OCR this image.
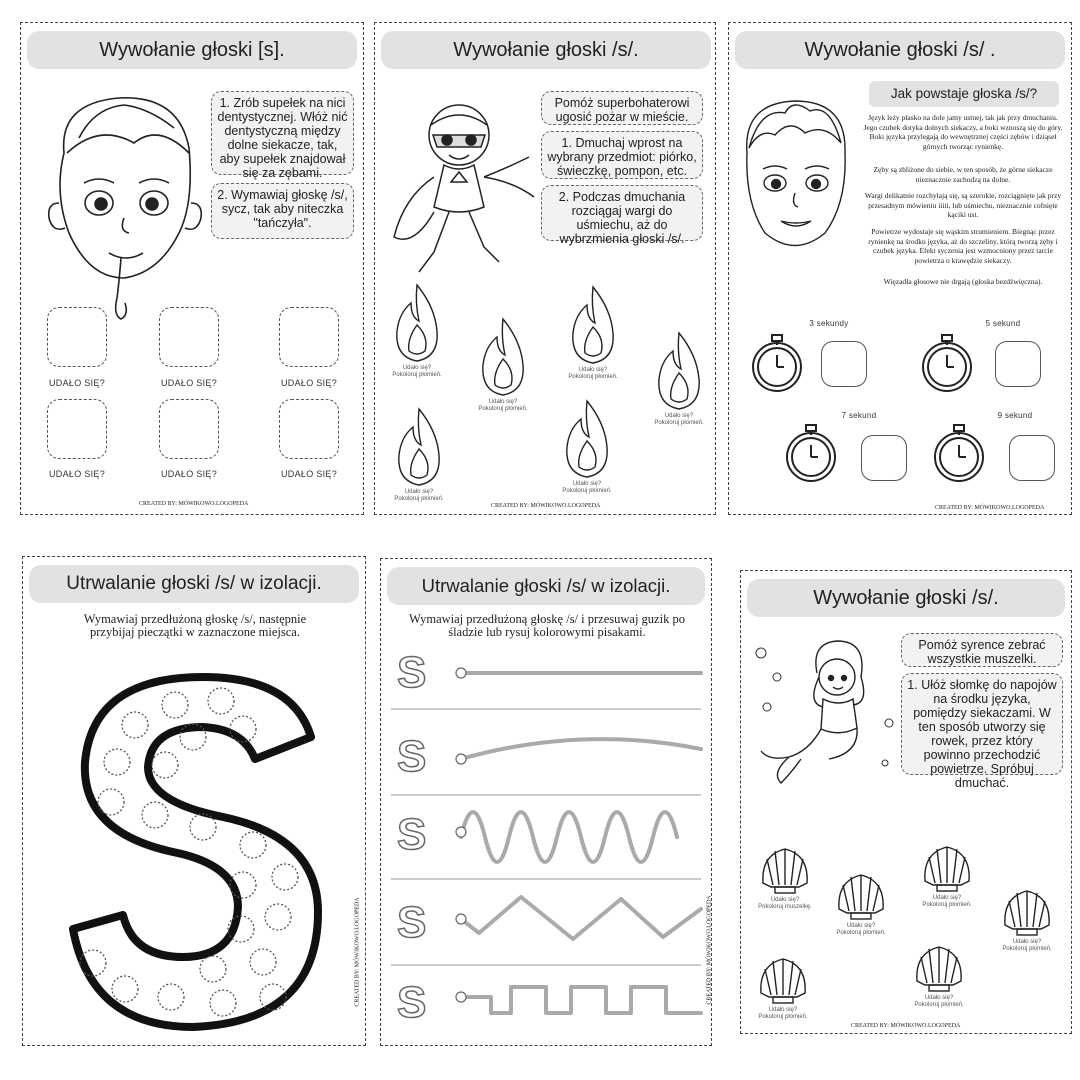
Wywołanie głoski [s].
1. Zrób supełek na nici dentystycznej. Włóż nić dentystyczną między dolne siekacze, tak, aby supełek znajdował się za zębami.
2. Wymawiaj głoskę /s/, sycz, tak aby niteczka "tańczyła".
UDAŁO SIĘ?	UDAŁO SIĘ?	UDAŁO SIĘ?
UDAŁO SIĘ?	UDAŁO SIĘ?	UDAŁO SIĘ?
CREATED BY: MÓWIKOWO.LOGOPEDA
Wywołanie głoski /s/.
Pomóż superbohaterowi ugosić pożar w mieście.
1. Dmuchaj wprost na wybrany przedmiot: piórko, świeczkę, pompon, etc.
2. Podczas dmuchania rozciągaj wargi do uśmiechu, aż do wybrzmienia głoski /s/.
Udało się?
Pokoloruj płomień.
Udało się?
Pokoloruj płomień.
Udało się?
Pokoloruj płomień.
Udało się?
Pokoloruj płomień.
Udało się?
Pokoloruj płomień.
Udało się?
Pokoloruj płomień.
CREATED BY: MÓWIKOWO.LOGOPEDA
Wywołanie głoski /s/ .
Jak powstaje głoska /s/?
Język leży płasko na dole jamy ustnej, tak jak przy dmuchaniu. Jego czubek dotyka dolnych siekaczy, a boki wznoszą się do góry. Boki języka przylegają do wewnętrznej części zębów i dziąseł górnych tworząc rynienkę.
Zęby są zbliżone do siebie, w ten sposób, że górne siekacze nieznacznie zachodzą na dolne.
Wargi delikatnie rozchylają się, są szerokie, rozciągnięte jak przy przesadnym mówieniu iiiii, lub uśmiechu, nieznacznie cofnięte kąciki ust.
Powietrze wydostaje się wąskim strumieniem. Biegnąc przez rynienkę na środku języka, aż do szczeliny, którą tworzą zęby i czubek języka. Efekt syczenia jest wzmocniony przez tarcie powietrza o krawędzie siekaczy.
Więzadła głosowe nie drgają (głoska bezdźwięczna).
3 sekundy	5 sekund
7 sekund	9 sekund
CREATED BY: MÓWIKOWO.LOGOPEDA
Utrwalanie głoski /s/ w izolacji.
Wymawiaj przedłużoną głoskę /s/, następnie przybijaj pieczątki w zaznaczone miejsca.
CREATED BY: MÓWIKOWO.LOGOPEDA
Utrwalanie głoski /s/ w izolacji.
Wymawiaj przedłużoną głoskę /s/ i przesuwaj guzik po śladzie lub rysuj kolorowymi pisakami.
S
S
S
S
S	CREATED BY: MÓWIKOWO.LOGOPEDA
Wywołanie głoski /s/.
Pomóż syrence zebrać wszystkie muszelki.
1. Ułóż słomkę do napojów na środku języka, pomiędzy siekaczami. W ten sposób utworzy się rowek, przez który powinno przechodzić powietrze. Spróbuj dmuchać.
Udało się?
Pokoloruj muszelkę.
Udało się?
Pokoloruj płomień.
Udało się?
Pokoloruj płomień.
Udało się?
Pokoloruj płomień.
Udało się?
Pokoloruj płomień.
Udało się?
Pokoloruj płomień.
CREATED BY: MÓWIKOWO.LOGOPEDA
